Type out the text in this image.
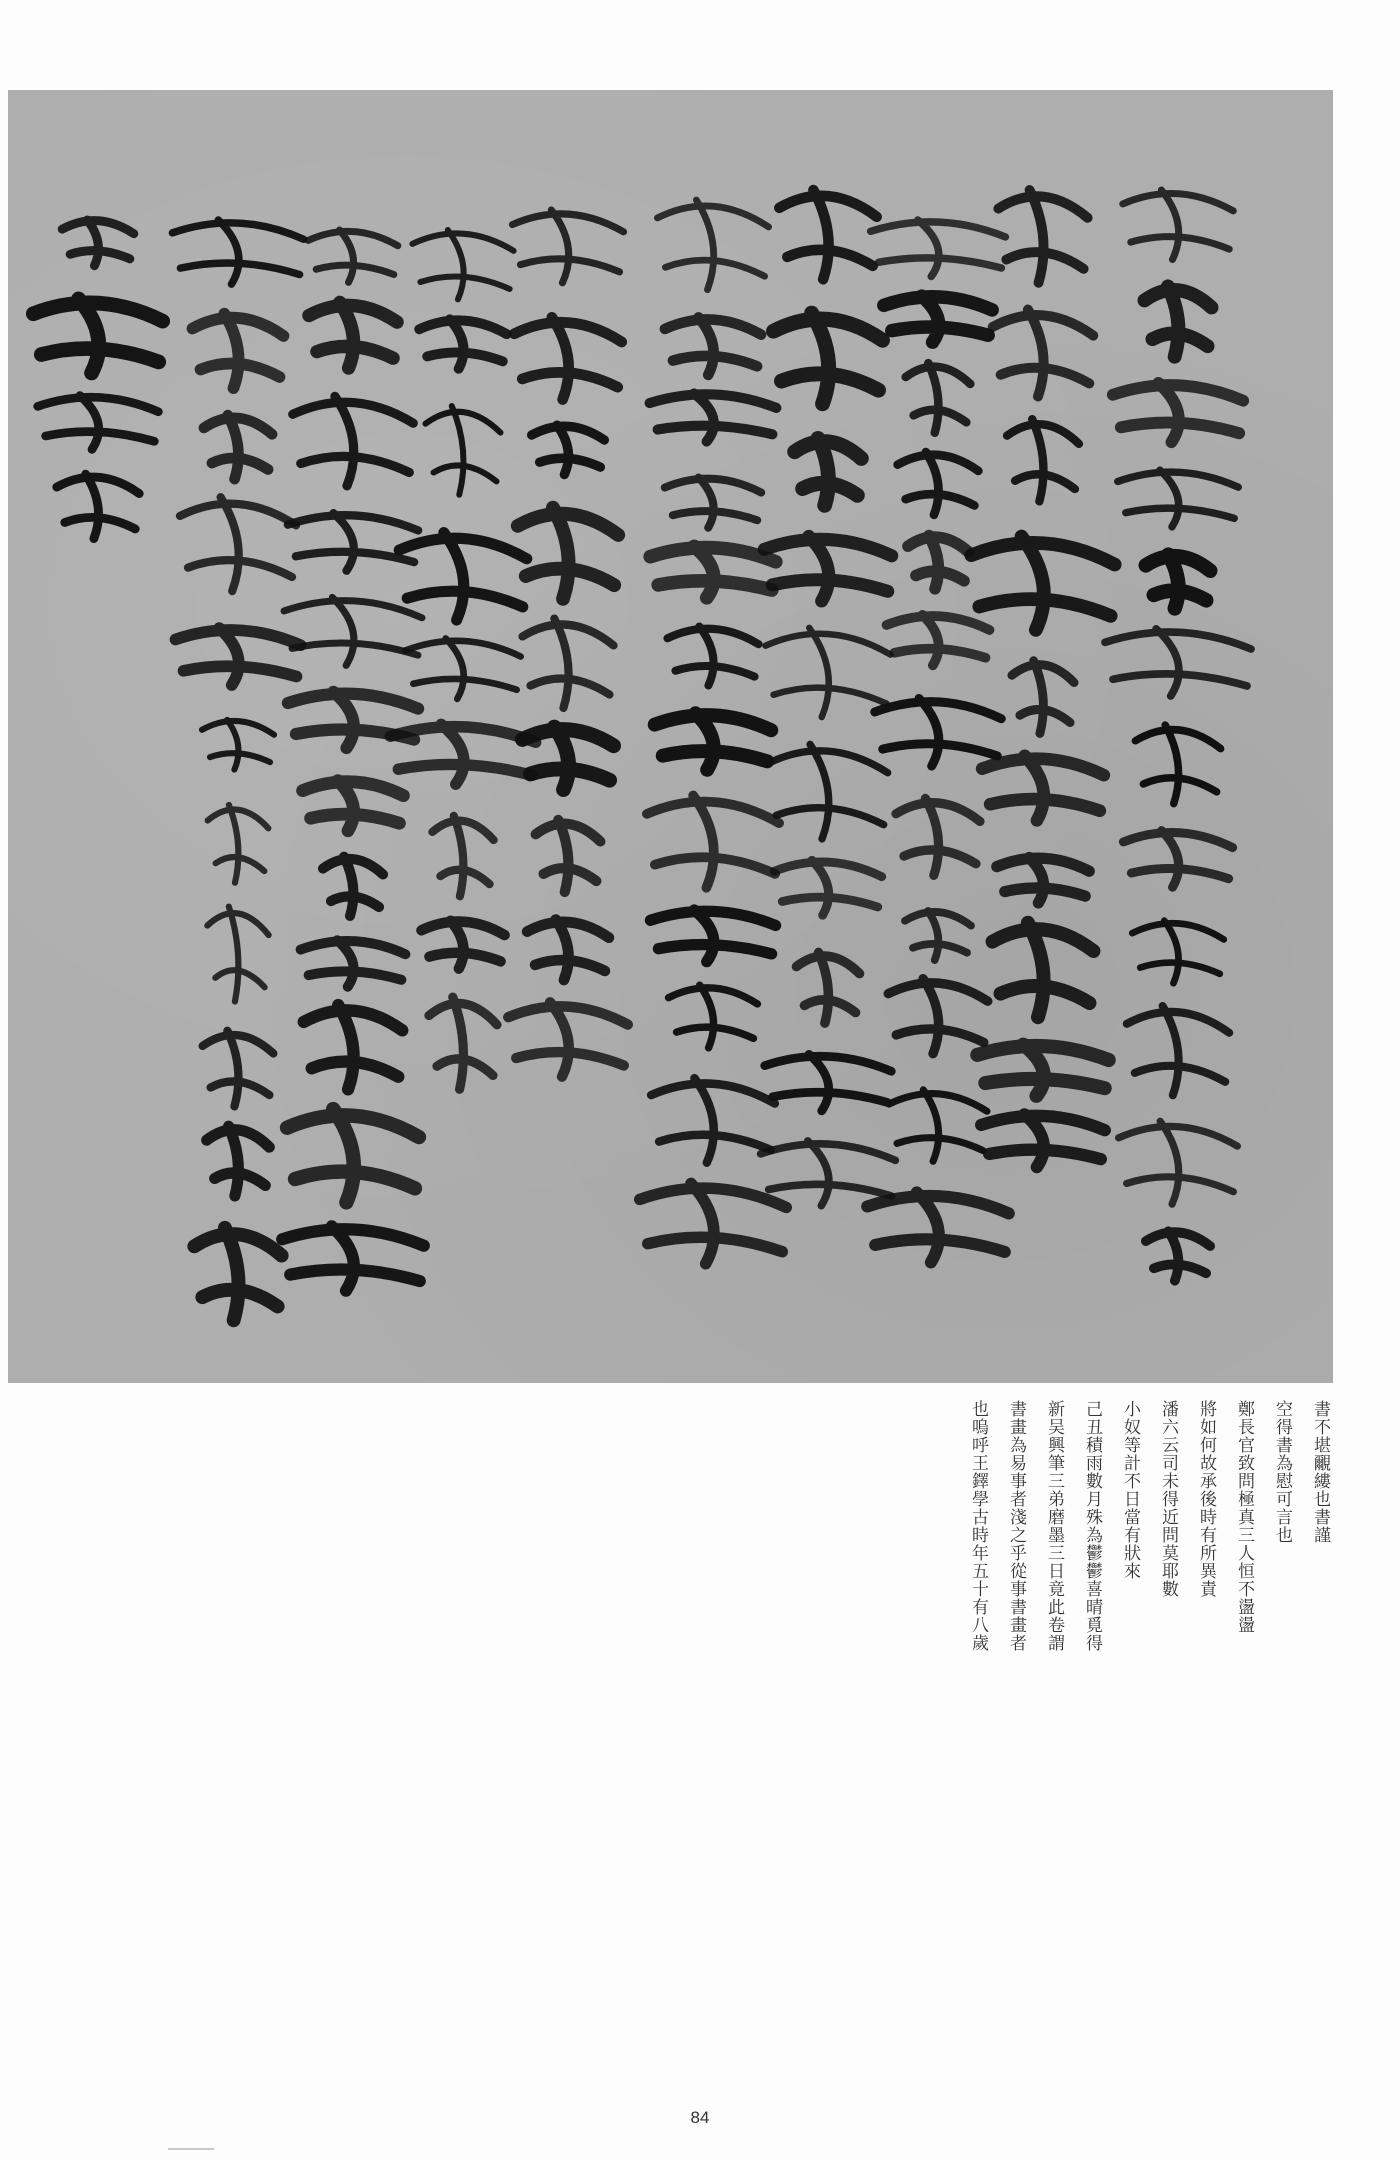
書不堪覼縷也書謹
空得書為慰可言也
鄭長官致問極真三人恒不盪盪
將如何故承後時有所異責
潘六云司未得近問莫耶數
小奴等計不日當有狀來
己丑積雨數月殊為鬱鬱喜晴覓得
新吴興筆三弟磨墨三日竟此卷謂
書畫為易事者淺之乎從事書畫者
也嗚呼王鐸學古時年五十有八歲
84
